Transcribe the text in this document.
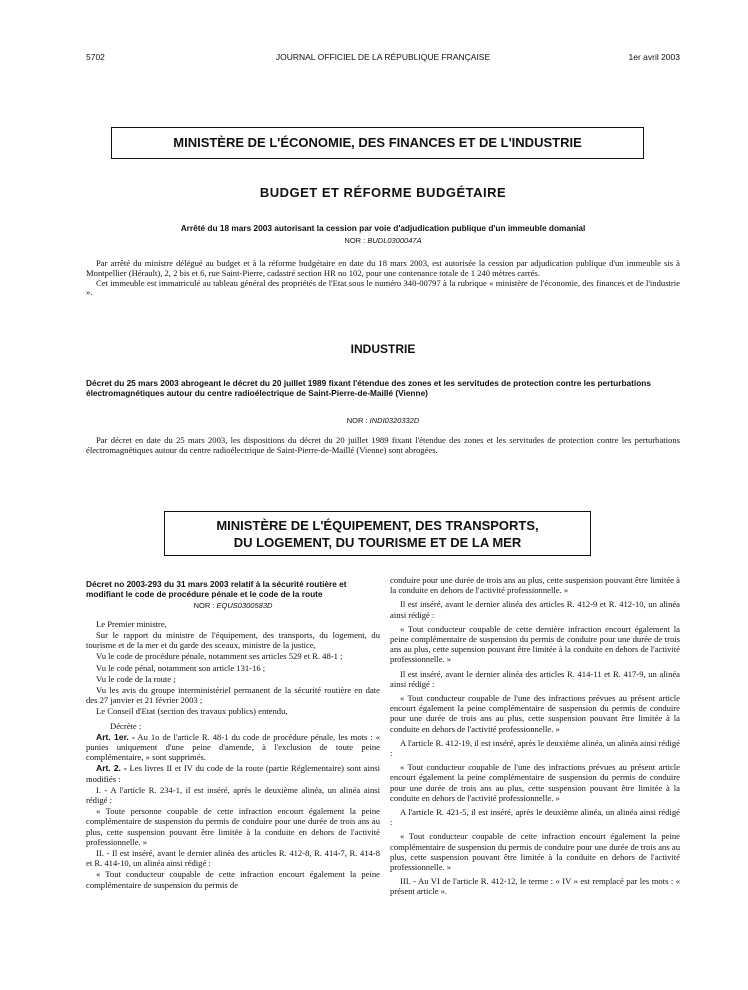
5702	JOURNAL OFFICIEL DE LA RÉPUBLIQUE FRANÇAISE	1er avril 2003
MINISTÈRE DE L'ÉCONOMIE, DES FINANCES ET DE L'INDUSTRIE
BUDGET ET RÉFORME BUDGÉTAIRE
Arrêté du 18 mars 2003 autorisant la cession par voie d'adjudication publique d'un immeuble domanial
NOR : BUDL0300047A

Par arrêté du ministre délégué au budget et à la réforme budgétaire en date du 18 mars 2003, est autorisée la cession par adjudication publique d'un immeuble sis à Montpellier (Hérault), 2, 2 bis et 6, rue Saint-Pierre, cadastré section HR no 102, pour une contenance totale de 1 240 mètres carrés.

Cet immeuble est immatriculé au tableau général des propriétés de l'Etat sous le numéro 340-00797 à la rubrique « ministère de l'économie, des finances et de l'industrie ».

INDUSTRIE
Décret du 25 mars 2003 abrogeant le décret du 20 juillet 1989 fixant l'étendue des zones et les servitudes de protection contre les perturbations électromagnétiques autour du centre radioélectrique de Saint-Pierre-de-Maillé (Vienne)
NOR : INDI0320332D

Par décret en date du 25 mars 2003, les dispositions du décret du 20 juillet 1989 fixant l'étendue des zones et les servitudes de protection contre les perturbations électromagnétiques autour du centre radioélectrique de Saint-Pierre-de-Maillé (Vienne) sont abrogées.

MINISTÈRE DE L'ÉQUIPEMENT, DES TRANSPORTS,
DU LOGEMENT, DU TOURISME ET DE LA MER
Décret no 2003-293 du 31 mars 2003 relatif à la sécurité routière et modifiant le code de procédure pénale et le code de la route
NOR : EQUS0300583D

Le Premier ministre,

Sur le rapport du ministre de l'équipement, des transports, du logement, du tourisme et de la mer et du garde des sceaux, ministre de la justice,

Vu le code de procédure pénale, notamment ses articles 529 et R. 48-1 ;

Vu le code pénal, notamment son article 131-16 ;

Vu le code de la route ;

Vu les avis du groupe interministériel permanent de la sécurité routière en date des 27 janvier et 21 février 2003 ;

Le Conseil d'Etat (section des travaux publics) entendu,

Décrète :

Art. 1er. - Au 1o de l'article R. 48-1 du code de procédure pénale, les mots : « punies uniquement d'une peine d'amende, à l'exclusion de toute peine complémentaire, » sont supprimés.

Art. 2. - Les livres II et IV du code de la route (partie Réglementaire) sont ainsi modifiés :

I. - A l'article R. 234-1, il est inséré, après le deuxième alinéa, un alinéa ainsi rédigé :

« Toute personne coupable de cette infraction encourt également la peine complémentaire de suspension du permis de conduire pour une durée de trois ans au plus, cette suspension pouvant être limitée à la conduite en dehors de l'activité professionnelle. »

II. - Il est inséré, avant le dernier alinéa des articles R. 412-8, R. 414-7, R. 414-8 et R. 414-10, un alinéa ainsi rédigé :

« Tout conducteur coupable de cette infraction encourt également la peine complémentaire de suspension du permis de

conduire pour une durée de trois ans au plus, cette suspension pouvant être limitée à la conduite en dehors de l'activité professionnelle. »

Il est inséré, avant le dernier alinéa des articles R. 412-9 et R. 412-10, un alinéa ainsi rédigé :

« Tout conducteur coupable de cette dernière infraction encourt également la peine complémentaire de suspension du permis de conduire pour une durée de trois ans au plus, cette supension pouvant être limitée à la conduite en dehors de l'activité professionnelle. »

Il est inséré, avant le dernier alinéa des articles R. 414-11 et R. 417-9, un alinéa ainsi rédigé :

« Tout conducteur coupable de l'une des infractions prévues au présent article encourt également la peine complémentaire de suspension du permis de conduire pour une durée de trois ans au plus, cette suspension pouvant être limitée à la conduite en dehors de l'activité professionnelle. »

A l'article R. 412-19, il est inséré, après le deuxième alinéa, un alinéa ainsi rédigé :

« Tout conducteur coupable de l'une des infractions prévues au présent article encourt également la peine complémentaire de suspension du permis de conduire pour une durée de trois ans au plus, cette suspension pouvant être limitée à la conduite en dehors de l'activité professionnelle. »

A l'article R. 421-5, il est inséré, après le deuxième alinéa, un alinéa ainsi rédigé :

« Tout conducteur coupable de cette infraction encourt également la peine complémentaire de suspension du permis de conduire pour une durée de trois ans au plus, cette suspension pouvant être limitée à la conduite en dehors de l'activité professionnelle. »

III. - Au VI de l'article R. 412-12, le terme : « IV » est remplacé par les mots : « présent article ».
